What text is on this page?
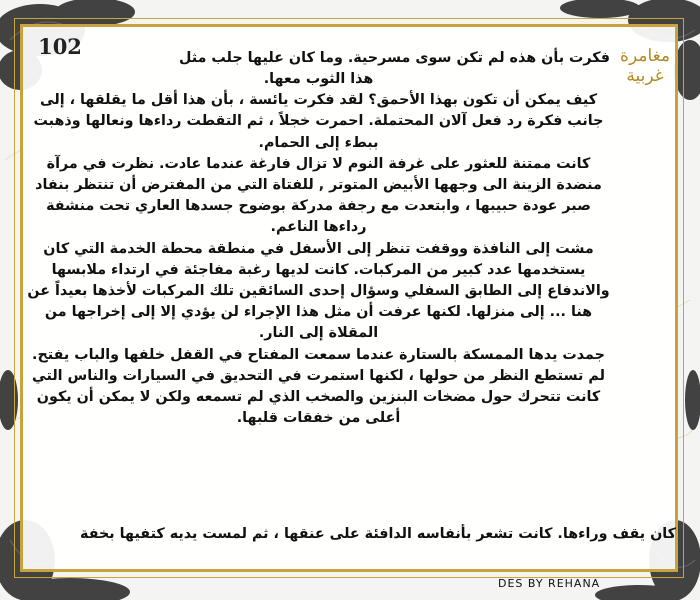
102	مغامرة
غربية
فكرت بأن هذه لم تكن سوى مسرحية. وما كان عليها جلب مثل

هذا الثوب معها.

كيف يمكن أن تكون بهذا الأحمق؟ لقد فكرت يائسة ، بأن هذا أقل ما يقلقها ، إلى جانب فكرة رد فعل آلان المحتملة. احمرت خجلاً ، ثم التقطت رداءها ونعالها وذهبت ببطء إلى الحمام.

كانت ممتنة للعثور على غرفة النوم لا تزال فارغة عندما عادت. نظرت في مرآة منضدة الزينة الى وجهها الأبيض المتوتر , للفتاة التي من المفترض أن تنتظر بنفاد صبر عودة حبيبها ، وابتعدت مع رجفة مدركة بوضوح جسدها العاري تحت منشفة رداءها الناعم.

مشت إلى النافذة ووقفت تنظر إلى الأسفل في منطقة محطة الخدمة التي كان يستخدمها عدد كبير من المركبات. كانت لديها رغبة مفاجئة في ارتداء ملابسها والاندفاع إلى الطابق السفلي وسؤال إحدى السائقين تلك المركبات لأخذها بعيداً عن هنا ... إلى منزلها. لكنها عرفت أن مثل هذا الإجراء لن يؤدي إلا إلى إخراجها من المقلاة إلى النار.

جمدت يدها الممسكة بالستارة عندما سمعت المفتاح في القفل خلفها والباب يفتح. لم تستطع النظر من حولها ، لكنها استمرت في التحديق في السيارات والناس التي كانت تتحرك حول مضخات البنزين والصخب الذي لم تسمعه ولكن لا يمكن أن يكون أعلى من خفقات قلبها.

كان يقف وراءها. كانت تشعر بأنفاسه الدافئة على عنقها ، ثم لمست يديه كتفيها بخفة
DES BY REHANA
